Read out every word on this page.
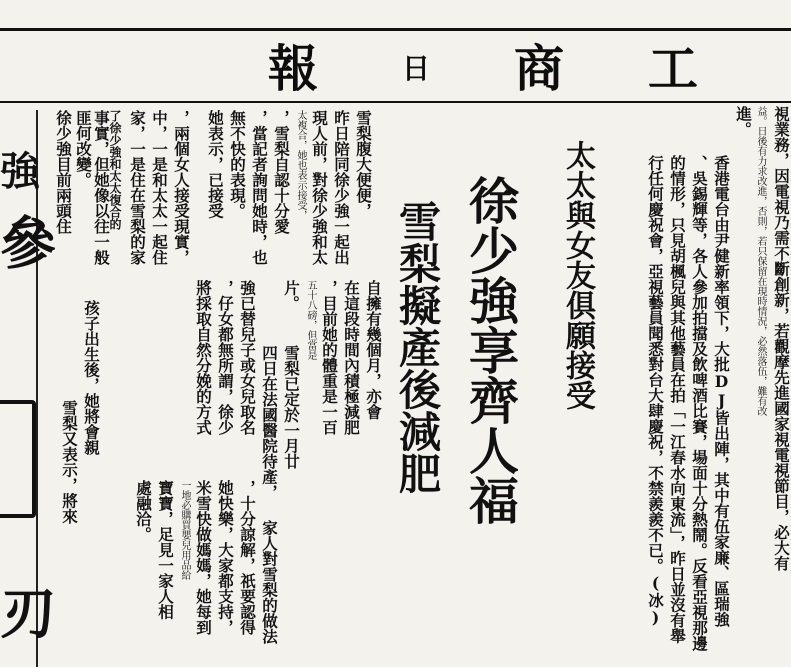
工
商
日
報
視業務，因電視乃需不斷創新，若觀摩先進國家視電視節目，必大有
益。日後有力求改進，否則，若只保留在現時情況，必然落伍，難有改
進。
香港電台由尹健新率領下，大批DJ皆出陣，其中有伍家廉、區瑞強
、吳錫輝等，各人參加拍擋及飲啤酒比賽，場面十分熱鬧。反看亞視那邊
的情形，只見胡楓兒與其他藝員在拍「一江春水向東流」，昨日並沒有舉
行任何慶祝會，亞視藝員聞悉對台大肆慶祝，不禁羨羨不已。(冰)
太太與女友俱願接受
徐少強享齊人福
雪梨擬產後減肥
自擁有幾個月，亦會
在這段時間內積極減肥
，目前她的體重是一百
五十八磅，但當是
片。
家人對雪梨的做法
，十分諒解，祇要認得
她快樂，大家都支持，
米雪快做媽媽，她每到
一地必購買嬰兒用品給
寶寶，足見一家人相
處融洽。
雪梨已定於一月廿
四日在法國醫院待產，
強已替兒子或女兒取名
，仔女都無所謂，徐少
將採取自然分娩的方式
，兩個女人接受現實，
中，一是和太太一起住
家，一是住在雪梨的家	雪梨腹大便便，
昨日陪同徐少強一起出
現人前，對徐少強和太
太複合，她也表示接受，
，雪梨自認十分愛
，當記者詢問她時，也
無不快的表現。
她表示，已接受
了徐少強和太太復合的
事實，但她像以往一般
匪何改變。
徐少強目前兩頭住
孩子出生後，她將會親
雪梨又表示，將來
強
參
刃
